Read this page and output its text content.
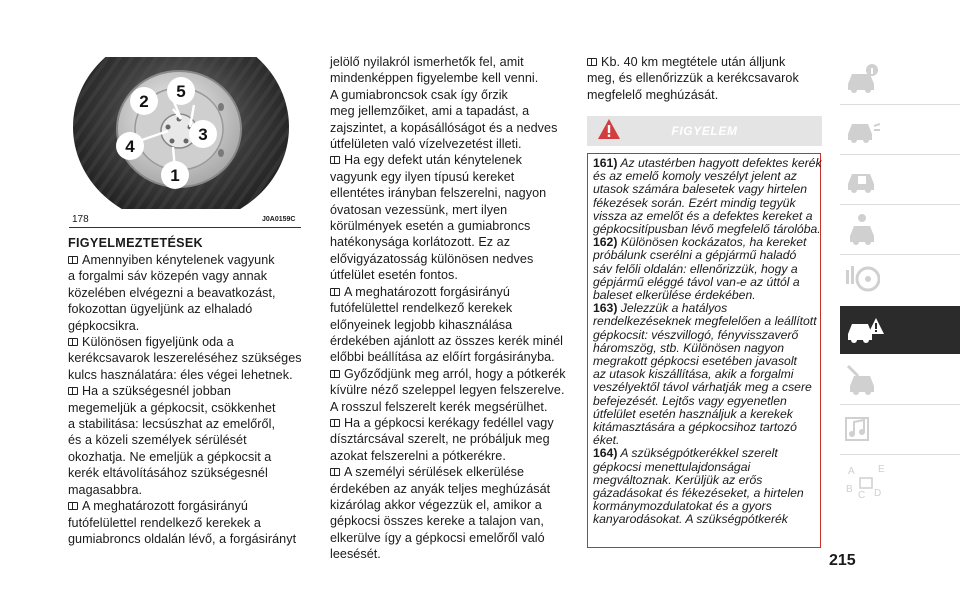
2
5
3
4
1
178	J0A0159C
FIGYELMEZTETÉSEK
Amennyiben kénytelenek vagyunk
a forgalmi sáv közepén vagy annak
közelében elvégezni a beavatkozást,
fokozottan ügyeljünk az elhaladó
gépkocsikra.
Különösen figyeljünk oda a
kerékcsavarok leszereléséhez szükséges
kulcs használatára: éles végei lehetnek.
Ha a szükségesnél jobban
megemeljük a gépkocsit, csökkenhet
a stabilitása: lecsúszhat az emelőről,
és a közeli személyek sérülését
okozhatja. Ne emeljük a gépkocsit a
kerék eltávolításához szükségesnél
magasabbra.
A meghatározott forgásirányú
futófelülettel rendelkező kerekek a
gumiabroncs oldalán lévő, a forgásirányt
jelölő nyilakról ismerhetők fel, amit
mindenképpen figyelembe kell venni.
A gumiabroncsok csak így őrzik
meg jellemzőiket, ami a tapadást, a
zajszintet, a kopásállóságot és a nedves
útfelületen való vízelvezetést illeti.
Ha egy defekt után kénytelenek
vagyunk egy ilyen típusú kereket
ellentétes irányban felszerelni, nagyon
óvatosan vezessünk, mert ilyen
körülmények esetén a gumiabroncs
hatékonysága korlátozott. Ez az
elővigyázatosság különösen nedves
útfelület esetén fontos.
A meghatározott forgásirányú
futófelülettel rendelkező kerekek
előnyeinek legjobb kihasználása
érdekében ajánlott az összes kerék minél
előbbi beállítása az előírt forgásirányba.
Győződjünk meg arról, hogy a pótkerék
kívülre néző szeleppel legyen felszerelve.
A rosszul felszerelt kerék megsérülhet.
Ha a gépkocsi kerékagy fedéllel vagy
dísztárcsával szerelt, ne próbáljuk meg
azokat felszerelni a pótkerékre.
A személyi sérülések elkerülése
érdekében az anyák teljes meghúzását
kizárólag akkor végezzük el, amikor a
gépkocsi összes kereke a talajon van,
elkerülve így a gépkocsi emelőről való
leesését.
Kb. 40 km megtétele után álljunk
meg, és ellenőrizzük a kerékcsavarok
megfelelő meghúzását.
FIGYELEM
161) Az utastérben hagyott defektes kerék
és az emelő komoly veszélyt jelent az
utasok számára balesetek vagy hirtelen
fékezések során. Ezért mindig tegyük
vissza az emelőt és a defektes kereket a
gépkocsitípusban lévő megfelelő tárolóba.
162) Különösen kockázatos, ha kereket
próbálunk cserélni a gépjármű haladó
sáv felőli oldalán: ellenőrizzük, hogy a
gépjármű eléggé távol van-e az úttól a
baleset elkerülése érdekében.
163) Jelezzük a hatályos
rendelkezéseknek megfelelően a leállított
gépkocsit: vészvillogó, fényvisszaverő
háromszög, stb. Különösen nagyon
megrakott gépkocsi esetében javasolt
az utasok kiszállítása, akik a forgalmi
veszélyektől távol várhatják meg a csere
befejezését. Lejtős vagy egyenetlen
útfelület esetén használjuk a kerekek
kitámasztására a gépkocsihoz tartozó
éket.
164) A szükségpótkerékkel szerelt
gépkocsi menettulajdonságai
megváltoznak. Kerüljük az erős
gázadásokat és fékezéseket, a hirtelen
kormánymozdulatokat és a gyors
kanyarodásokat. A szükségpótkerék
215
A E
B
C D
